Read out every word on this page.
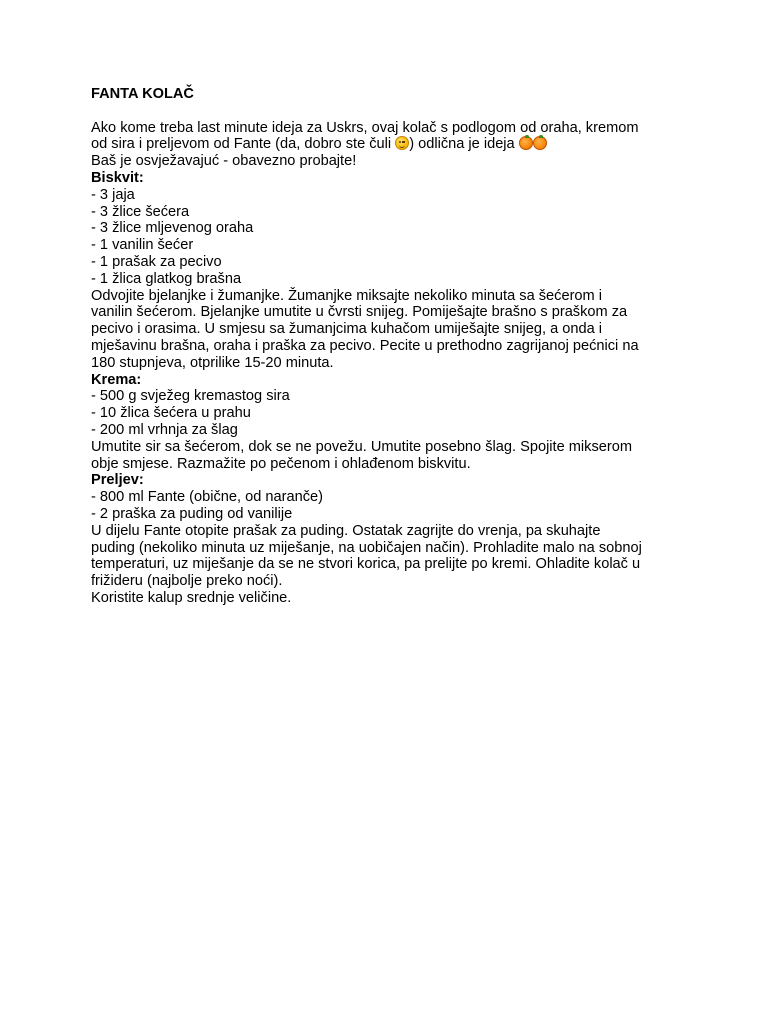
FANTA KOLAČ

Ako kome treba last minute ideja za Uskrs, ovaj kolač s podlogom od oraha, kremom

od sira i preljevom od Fante (da, dobro ste čuli
) odlična je ideja

Baš je osvježavajuć - obavezno probajte!

Biskvit:

- 3 jaja

- 3 žlice šećera

- 3 žlice mljevenog oraha

- 1 vanilin šećer

- 1 prašak za pecivo

- 1 žlica glatkog brašna

Odvojite bjelanjke i žumanjke. Žumanjke miksajte nekoliko minuta sa šećerom i

vanilin šećerom. Bjelanjke umutite u čvrsti snijeg. Pomiješajte brašno s praškom za

pecivo i orasima. U smjesu sa žumanjcima kuhačom umiješajte snijeg, a onda i

mješavinu brašna, oraha i praška za pecivo. Pecite u prethodno zagrijanoj pećnici na

180 stupnjeva, otprilike 15-20 minuta.

Krema:

- 500 g svježeg kremastog sira

- 10 žlica šećera u prahu

- 200 ml vrhnja za šlag

Umutite sir sa šećerom, dok se ne povežu. Umutite posebno šlag. Spojite mikserom

obje smjese. Razmažite po pečenom i ohlađenom biskvitu.

Preljev:

- 800 ml Fante (obične, od naranče)

- 2 praška za puding od vanilije

U dijelu Fante otopite prašak za puding. Ostatak zagrijte do vrenja, pa skuhajte

puding (nekoliko minuta uz miješanje, na uobičajen način). Prohladite malo na sobnoj

temperaturi, uz miješanje da se ne stvori korica, pa prelijte po kremi. Ohladite kolač u

frižideru (najbolje preko noći).

Koristite kalup srednje veličine.
